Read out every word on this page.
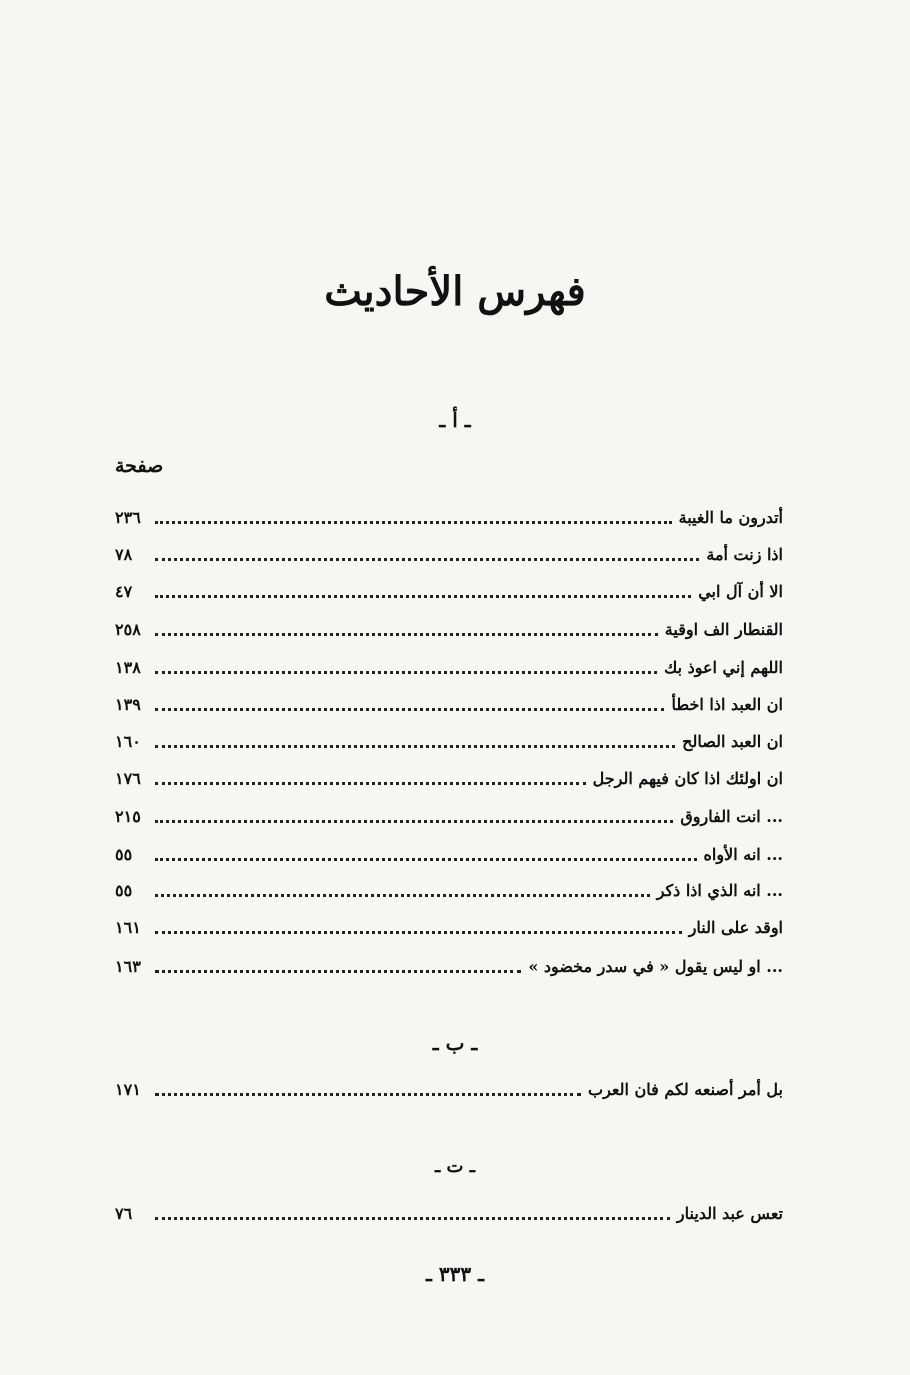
فهرس الأحاديث
ـ أ ـ
صفحة
أتدرون ما الغيبة
٢٣٦
اذا زنت أمة
٧٨
الا أن آل ابي
٤٧
القنطار الف اوقية
٢٥٨
اللهم إني اعوذ بك
١٣٨
ان العبد اذا اخطأ
١٣٩
ان العبد الصالح
١٦٠
ان اولئك اذا كان فيهم الرجل
١٧٦
... انت الفاروق
٢١٥
... انه الأواه
٥٥
... انه الذي اذا ذكر
٥٥
اوقد على النار
١٦١
... او ليس يقول « في سدر مخضود »
١٦٣
ـ ب ـ
بل أمر أصنعه لكم فان العرب
١٧١
ـ ت ـ
تعس عبد الدينار
٧٦
ـ ٣٣٣ ـ
